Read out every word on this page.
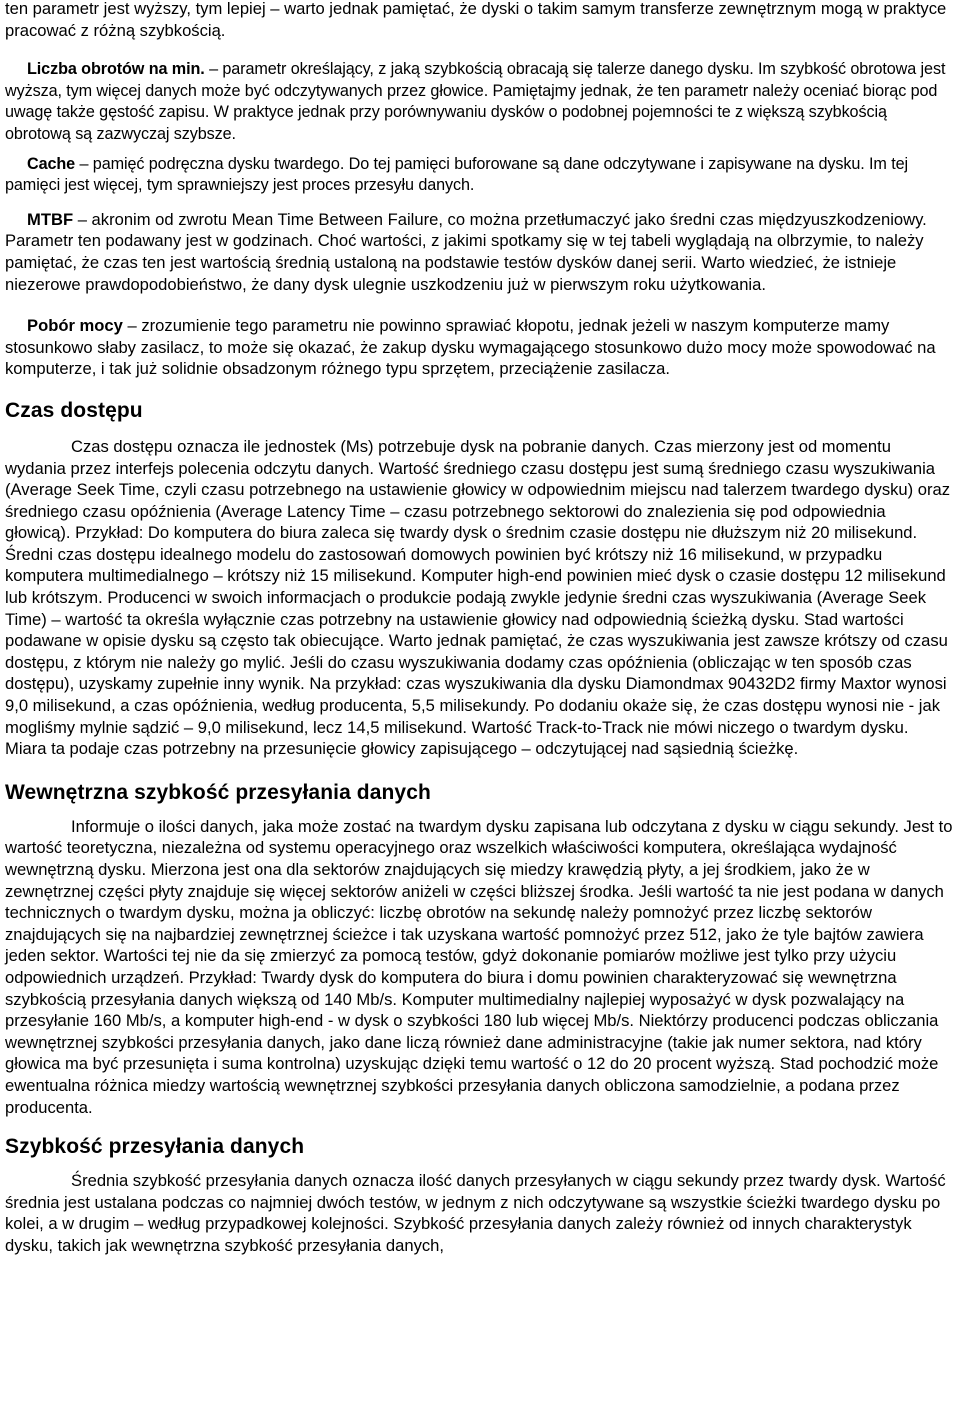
ten parametr jest wyższy, tym lepiej – warto jednak pamiętać, że dyski o takim samym transferze zewnętrznym mogą w praktyce pracować z różną szybkością.

Liczba obrotów na min. – parametr określający, z jaką szybkością obracają się talerze danego dysku. Im szybkość obrotowa jest wyższa, tym więcej danych może być odczytywanych przez głowice. Pamiętajmy jednak, że ten parametr należy oceniać biorąc pod uwagę także gęstość zapisu. W praktyce jednak przy porównywaniu dysków o podobnej pojemności te z większą szybkością obrotową są zazwyczaj szybsze.

Cache – pamięć podręczna dysku twardego. Do tej pamięci buforowane są dane odczytywane i zapisywane na dysku. Im tej pamięci jest więcej, tym sprawniejszy jest proces przesyłu danych.

MTBF – akronim od zwrotu Mean Time Between Failure, co można przetłumaczyć jako średni czas międzyuszkodzeniowy. Parametr ten podawany jest w godzinach. Choć wartości, z jakimi spotkamy się w tej tabeli wyglądają na olbrzymie, to należy pamiętać, że czas ten jest wartością średnią ustaloną na podstawie testów dysków danej serii. Warto wiedzieć, że istnieje niezerowe prawdopodobieństwo, że dany dysk ulegnie uszkodzeniu już w pierwszym roku użytkowania.

Pobór mocy – zrozumienie tego parametru nie powinno sprawiać kłopotu, jednak jeżeli w naszym komputerze mamy stosunkowo słaby zasilacz, to może się okazać, że zakup dysku wymagającego stosunkowo dużo mocy może spowodować na komputerze, i tak już solidnie obsadzonym różnego typu sprzętem, przeciążenie zasilacza.

Czas dostępu

Czas dostępu oznacza ile jednostek (Ms) potrzebuje dysk na pobranie danych. Czas mierzony jest od momentu wydania przez interfejs polecenia odczytu danych. Wartość średniego czasu dostępu jest sumą średniego czasu wyszukiwania (Average Seek Time, czyli czasu potrzebnego na ustawienie głowicy w odpowiednim miejscu nad talerzem twardego dysku) oraz średniego czasu opóźnienia (Average Latency Time – czasu potrzebnego sektorowi do znalezienia się pod odpowiednia głowicą). Przykład: Do komputera do biura zaleca się twardy dysk o średnim czasie dostępu nie dłuższym niż 20 milisekund. Średni czas dostępu idealnego modelu do zastosowań domowych powinien być krótszy niż 16 milisekund, w przypadku komputera multimedialnego – krótszy niż 15 milisekund. Komputer high-end powinien mieć dysk o czasie dostępu 12 milisekund lub krótszym. Producenci w swoich informacjach o produkcie podają zwykle jedynie średni czas wyszukiwania (Average Seek Time) – wartość ta określa wyłącznie czas potrzebny na ustawienie głowicy nad odpowiednią ścieżką dysku. Stad wartości podawane w opisie dysku są często tak obiecujące. Warto jednak pamiętać, że czas wyszukiwania jest zawsze krótszy od czasu dostępu, z którym nie należy go mylić. Jeśli do czasu wyszukiwania dodamy czas opóźnienia (obliczając w ten sposób czas dostępu), uzyskamy zupełnie inny wynik. Na przykład: czas wyszukiwania dla dysku Diamondmax 90432D2 firmy Maxtor wynosi 9,0 milisekund, a czas opóźnienia, według producenta, 5,5 milisekundy. Po dodaniu okaże się, że czas dostępu wynosi nie - jak mogliśmy mylnie sądzić – 9,0 milisekund, lecz 14,5 milisekund. Wartość Track-to-Track nie mówi niczego o twardym dysku. Miara ta podaje czas potrzebny na przesunięcie głowicy zapisującego – odczytującej nad sąsiednią ścieżkę.

Wewnętrzna szybkość przesyłania danych

Informuje o ilości danych, jaka może zostać na twardym dysku zapisana lub odczytana z dysku w ciągu sekundy. Jest to wartość teoretyczna, niezależna od systemu operacyjnego oraz wszelkich właściwości komputera, określająca wydajność wewnętrzną dysku. Mierzona jest ona dla sektorów znajdujących się miedzy krawędzią płyty, a jej środkiem, jako że w zewnętrznej części płyty znajduje się więcej sektorów aniżeli w części bliższej środka. Jeśli wartość ta nie jest podana w danych technicznych o twardym dysku, można ja obliczyć: liczbę obrotów na sekundę należy pomnożyć przez liczbę sektorów znajdujących się na najbardziej zewnętrznej ścieżce i tak uzyskana wartość pomnożyć przez 512, jako że tyle bajtów zawiera jeden sektor. Wartości tej nie da się zmierzyć za pomocą testów, gdyż dokonanie pomiarów możliwe jest tylko przy użyciu odpowiednich urządzeń. Przykład: Twardy dysk do komputera do biura i domu powinien charakteryzować się wewnętrzna szybkością przesyłania danych większą od 140 Mb/s. Komputer multimedialny najlepiej wyposażyć w dysk pozwalający na przesyłanie 160 Mb/s, a komputer high-end - w dysk o szybkości 180 lub więcej Mb/s. Niektórzy producenci podczas obliczania wewnętrznej szybkości przesyłania danych, jako dane liczą również dane administracyjne (takie jak numer sektora, nad który głowica ma być przesunięta i suma kontrolna) uzyskując dzięki temu wartość o 12 do 20 procent wyższą. Stad pochodzić może ewentualna różnica miedzy wartością wewnętrznej szybkości przesyłania danych obliczona samodzielnie, a podana przez producenta.

Szybkość przesyłania danych

Średnia szybkość przesyłania danych oznacza ilość danych przesyłanych w ciągu sekundy przez twardy dysk. Wartość średnia jest ustalana podczas co najmniej dwóch testów, w jednym z nich odczytywane są wszystkie ścieżki twardego dysku po kolei, a w drugim – według przypadkowej kolejności. Szybkość przesyłania danych zależy również od innych charakterystyk dysku, takich jak wewnętrzna szybkość przesyłania danych,
